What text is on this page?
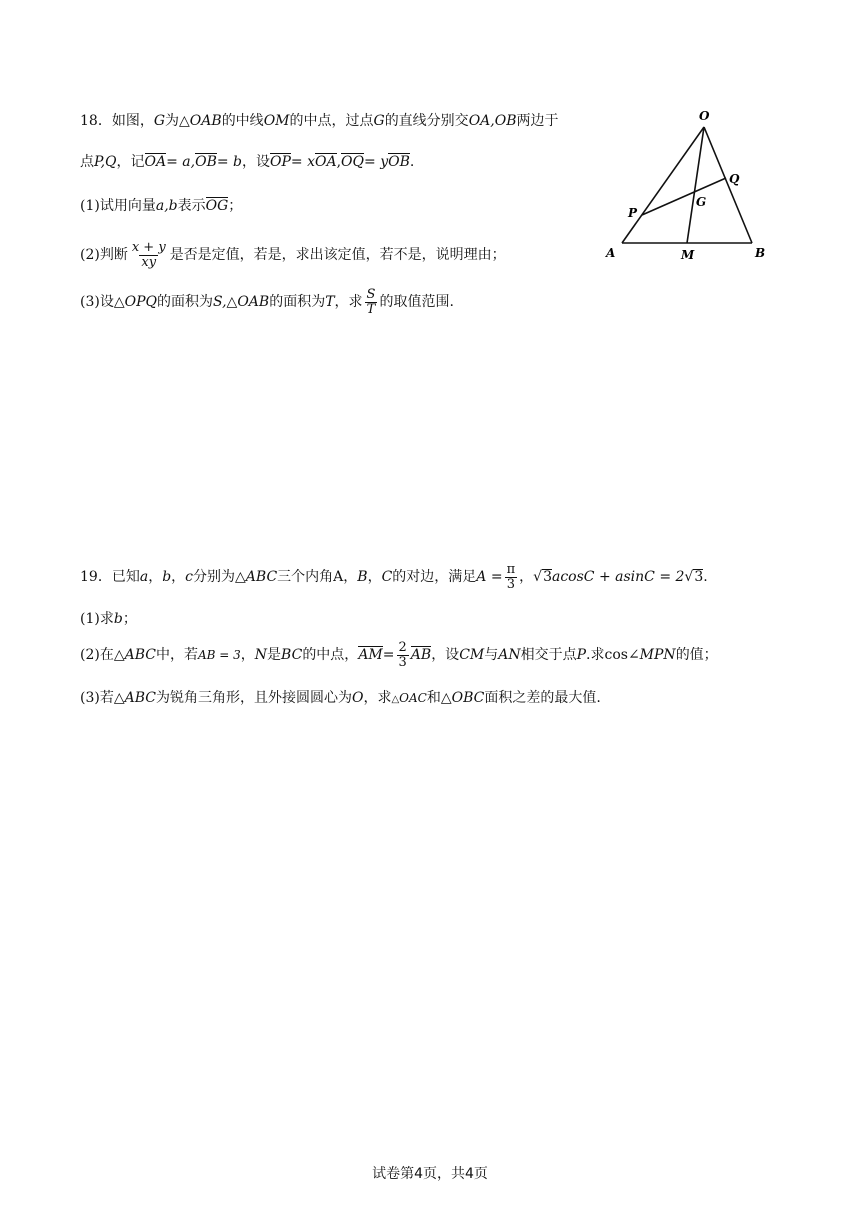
18．如图，G为△OAB的中线OM的中点，过点G的直线分别交OA,OB两边于
点P,Q，记OA= a,OB= b，设OP= xOA,OQ= yOB.
(1)试用向量a,b表示OG；
(2)判断 $\frac{x + y}{xy}$ 是否是定值，若是，求出该定值，若不是，说明理由；
(3)设△OPQ的面积为S,△OAB的面积为T，求 $\frac{S}{T}$ 的取值范围.
O
A	B
M
P
Q
G
19．已知a，b，c分别为△ABC三个内角A，B，C的对边，满足$A = \frac{\pi}{3}$ ，√3acosC + asinC = 2√3.
(1)求b；
(2)在△ABC中，若AB = 3，N是BC的中点，$AM= \frac{2}{3}$ AB，设CM与AN相交于点P.求cos∠MPN的值；
(3)若△ABC为锐角三角形，且外接圆圆心为O，求△OAC和△OBC面积之差的最大值.
试卷第4页，共4页
